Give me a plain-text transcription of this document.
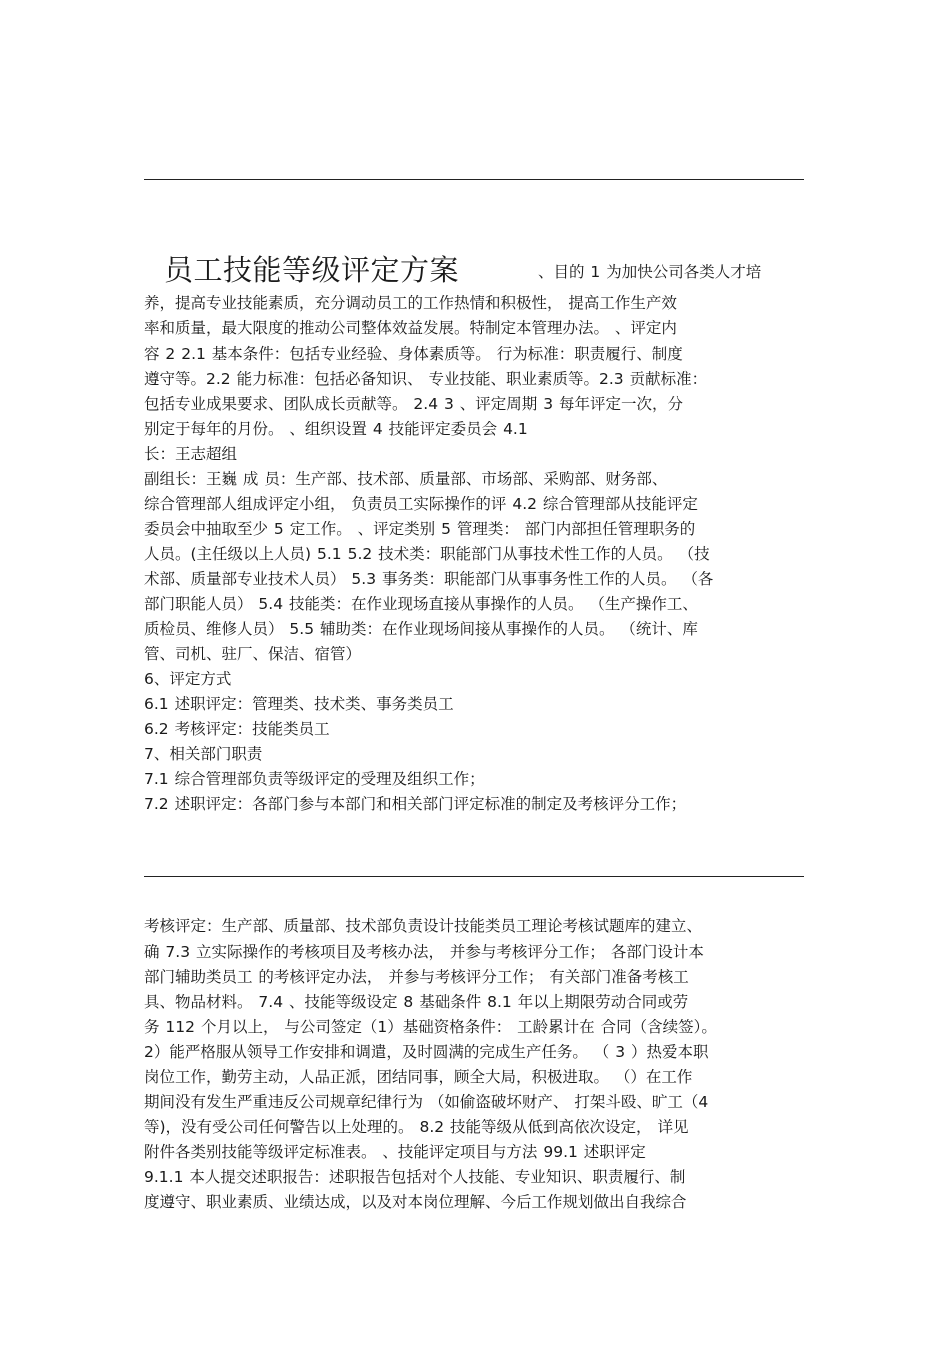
员工技能等级评定方案	、目的 1 为加快公司各类人才培
养，提高专业技能素质，充分调动员工的工作热情和积极性， 提高工作生产效
率和质量，最大限度的推动公司整体效益发展。特制定本管理办法。 、评定内
容 2 2.1 基本条件：包括专业经验、身体素质等。 行为标准：职责履行、制度
遵守等。2.2 能力标准：包括必备知识、 专业技能、职业素质等。2.3 贡献标准：
包括专业成果要求、团队成长贡献等。 2.4 3 、评定周期 3 每年评定一次，分
别定于每年的月份。 、组织设置 4 技能评定委员会 4.1
长：王志超组
副组长：王巍 成 员：生产部、技术部、质量部、市场部、采购部、财务部、
综合管理部人组成评定小组， 负责员工实际操作的评 4.2 综合管理部从技能评定
委员会中抽取至少 5 定工作。 、评定类别 5 管理类： 部门内部担任管理职务的
人员。(主任级以上人员) 5.1 5.2 技术类：职能部门从事技术性工作的人员。 （技
术部、质量部专业技术人员） 5.3 事务类：职能部门从事事务性工作的人员。 （各
部门职能人员） 5.4 技能类：在作业现场直接从事操作的人员。 （生产操作工、
质检员、维修人员） 5.5 辅助类：在作业现场间接从事操作的人员。 （统计、库
管、司机、驻厂、保洁、宿管）
6、评定方式
6.1 述职评定：管理类、技术类、事务类员工
6.2 考核评定：技能类员工
7、相关部门职责
7.1 综合管理部负责等级评定的受理及组织工作；
7.2 述职评定：各部门参与本部门和相关部门评定标准的制定及考核评分工作；
考核评定：生产部、质量部、技术部负责设计技能类员工理论考核试题库的建立、
确 7.3 立实际操作的考核项目及考核办法， 并参与考核评分工作； 各部门设计本
部门辅助类员工 的考核评定办法， 并参与考核评分工作； 有关部门准备考核工
具、物品材料。 7.4 、技能等级设定 8 基础条件 8.1 年以上期限劳动合同或劳
务 112 个月以上， 与公司签定（1）基础资格条件： 工龄累计在 合同（含续签）。
2）能严格服从领导工作安排和调遣，及时圆满的完成生产任务。 （ 3 ）热爱本职
岗位工作，勤劳主动，人品正派，团结同事，顾全大局，积极进取。 （）在工作
期间没有发生严重违反公司规章纪律行为 （如偷盗破坏财产、 打架斗殴、旷工（4
等)，没有受公司任何警告以上处理的。 8.2 技能等级从低到高依次设定， 详见
附件各类别技能等级评定标准表。 、技能评定项目与方法 99.1 述职评定
9.1.1 本人提交述职报告：述职报告包括对个人技能、专业知识、职责履行、制
度遵守、职业素质、业绩达成，以及对本岗位理解、今后工作规划做出自我综合
